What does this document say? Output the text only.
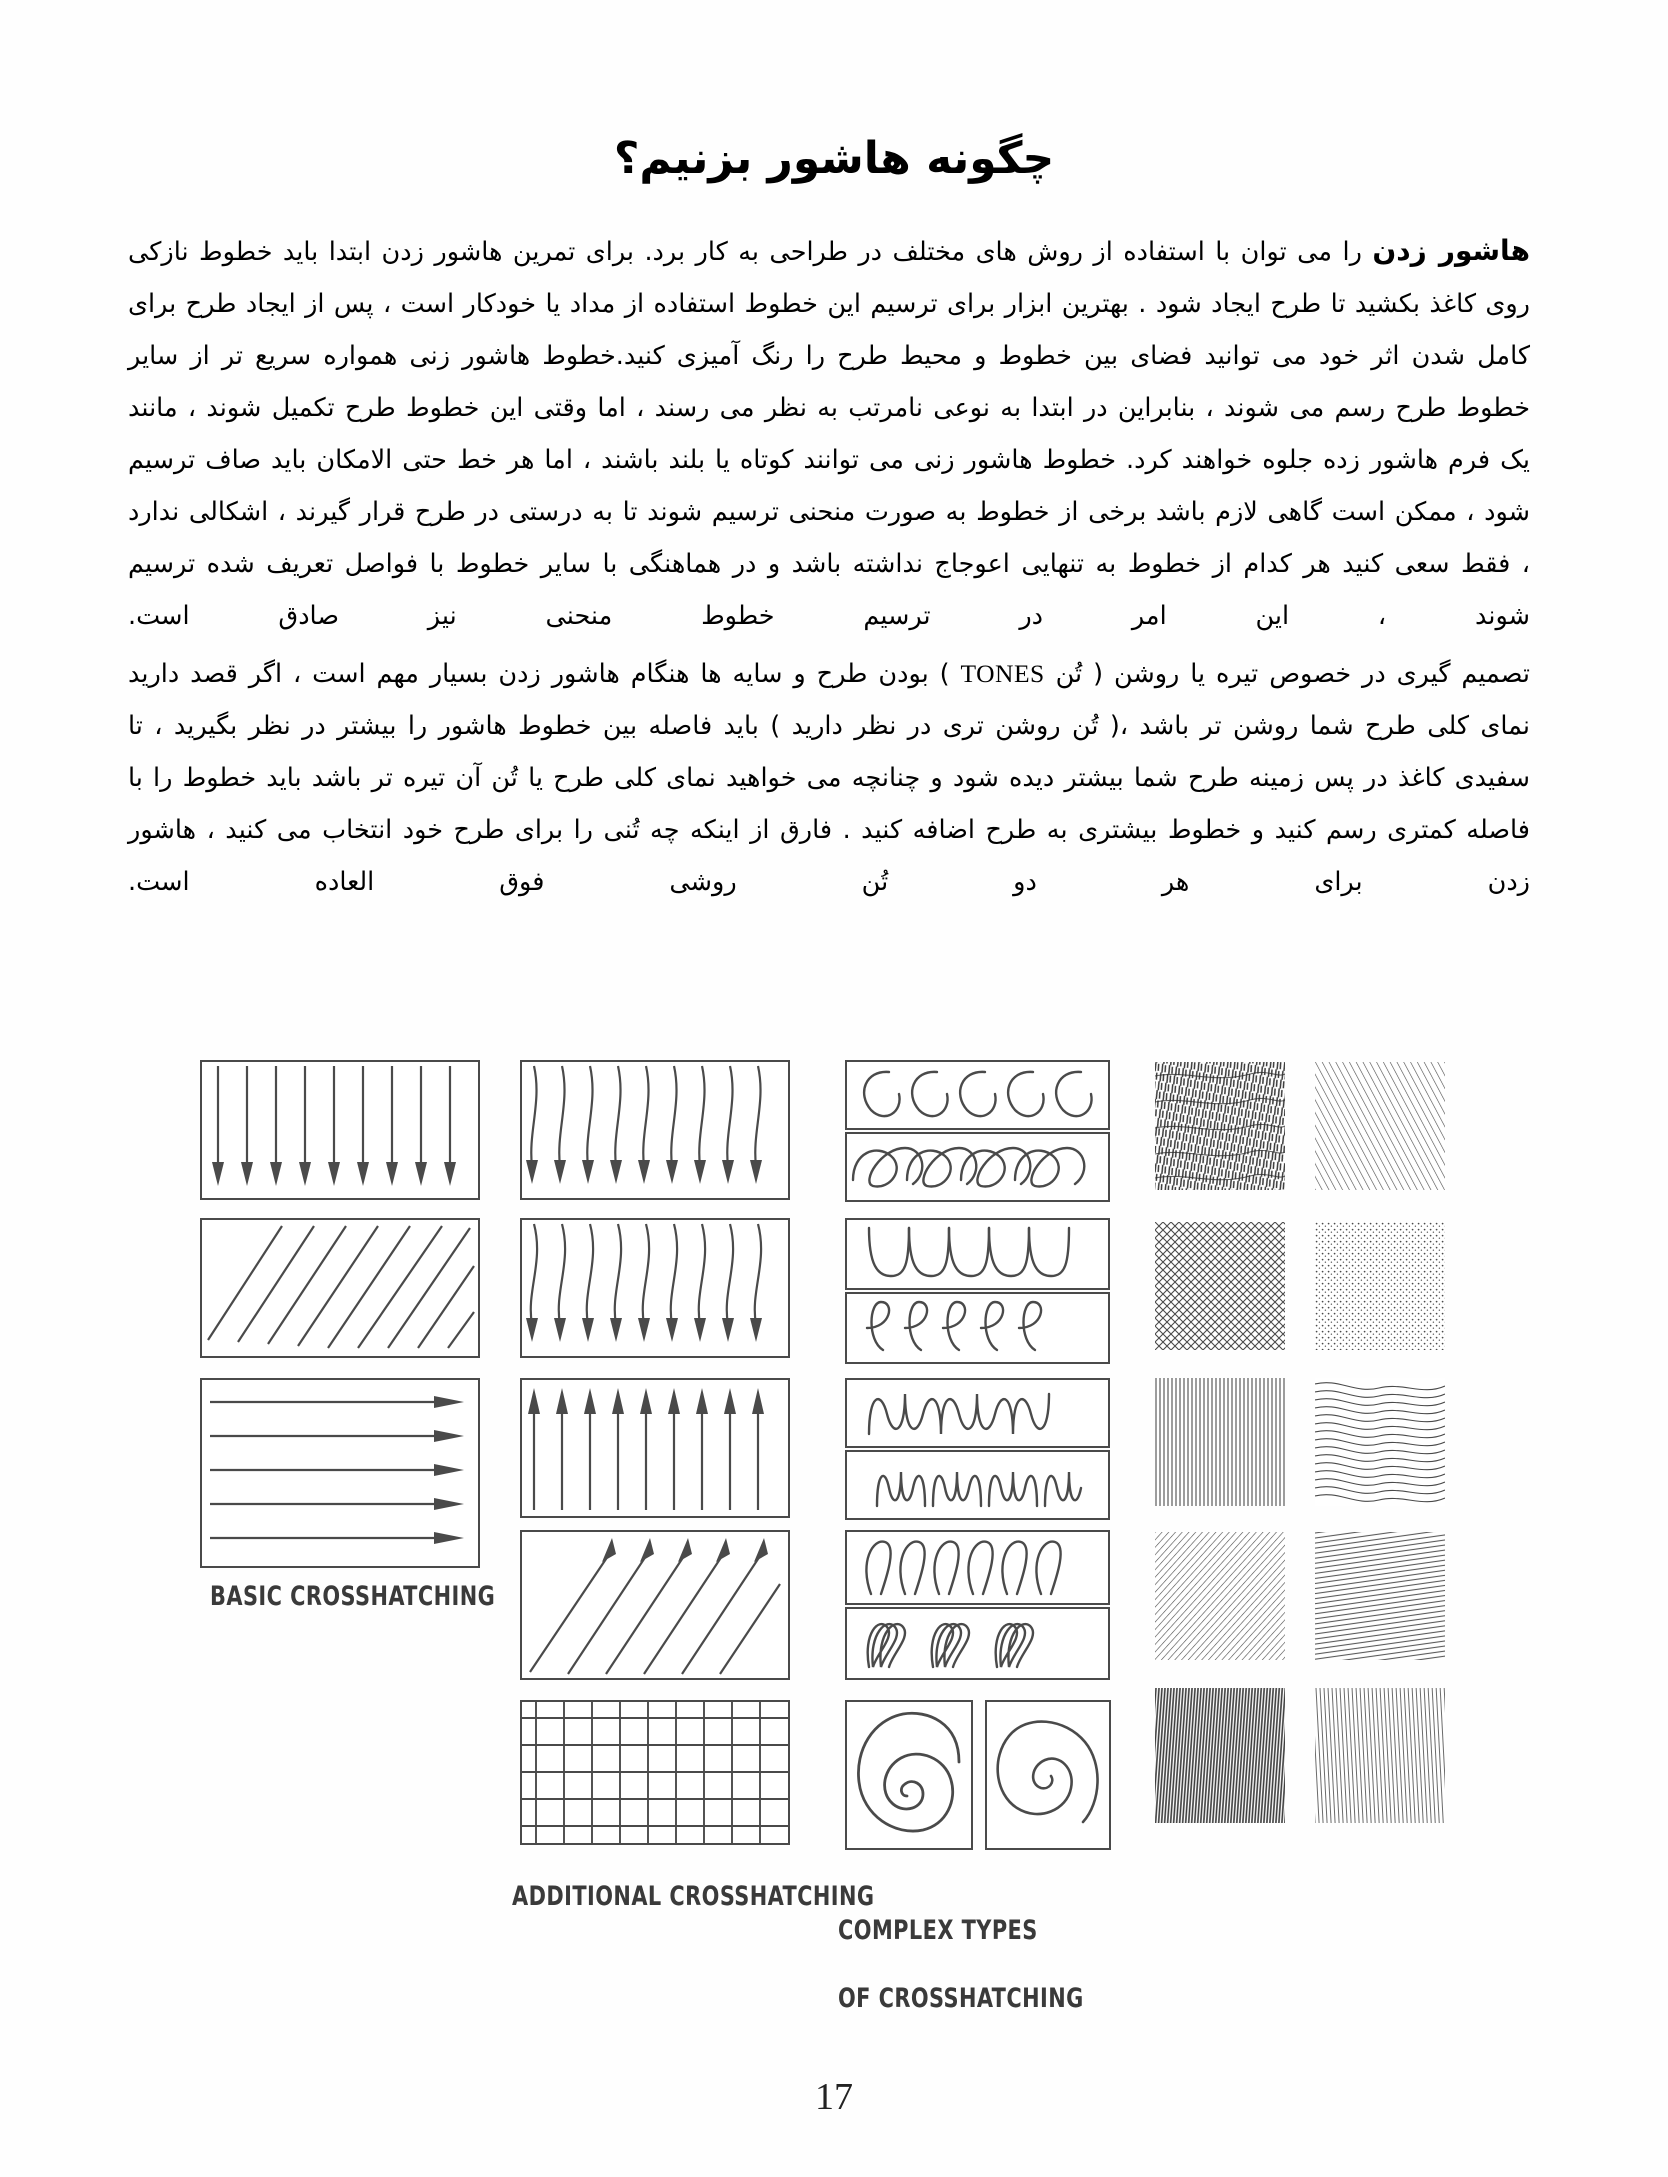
چگونه هاشور بزنیم؟

هاشور زدن را می توان با استفاده از روش های مختلف در طراحی به کار برد. برای تمرین هاشور زدن ابتدا باید خطوط نازکی روی کاغذ بکشید تا طرح ایجاد شود . بهترین ابزار برای ترسیم این خطوط استفاده از مداد یا خودکار است ، پس از ایجاد طرح برای کامل شدن اثر خود می توانید فضای بین خطوط و محیط طرح را رنگ آمیزی کنید.خطوط هاشور زنی همواره سریع تر از سایر خطوط طرح رسم می شوند ، بنابراین در ابتدا به نوعی نامرتب به نظر می رسند ، اما وقتی این خطوط طرح تکمیل شوند ، مانند یک فرم هاشور زده جلوه خواهند کرد. خطوط هاشور زنی می توانند کوتاه یا بلند باشند ، اما هر خط حتی الامکان باید صاف ترسیم شود ، ممکن است گاهی لازم باشد برخی از خطوط به صورت منحنی ترسیم شوند تا به درستی در طرح قرار گیرند ، اشکالی ندارد ، فقط سعی کنید هر کدام از خطوط به تنهایی اعوجاج نداشته باشد و در هماهنگی با سایر خطوط با فواصل تعریف شده ترسیم شوند ، این امر در ترسیم خطوط منحنی نیز صادق است.

تصمیم گیری در خصوص تیره یا روشن ( تُن TONES ) بودن طرح و سایه ها هنگام هاشور زدن بسیار مهم است ، اگر قصد دارید نمای کلی طرح شما روشن تر باشد ،( تُن روشن تری در نظر دارید ) باید فاصله بین خطوط هاشور را بیشتر در نظر بگیرید ، تا سفیدی کاغذ در پس زمینه طرح شما بیشتر دیده شود و چنانچه می خواهید نمای کلی طرح یا تُن آن تیره تر باشد باید خطوط را با فاصله کمتری رسم کنید و خطوط بیشتری به طرح اضافه کنید . فارق از اینکه چه تُنی را برای طرح خود انتخاب می کنید ، هاشور زدن برای هر دو تُن روشی فوق العاده است.

BASIC CROSSHATCHING
ADDITIONAL CROSSHATCHING

COMPLEX TYPES

OF CROSSHATCHING

17
